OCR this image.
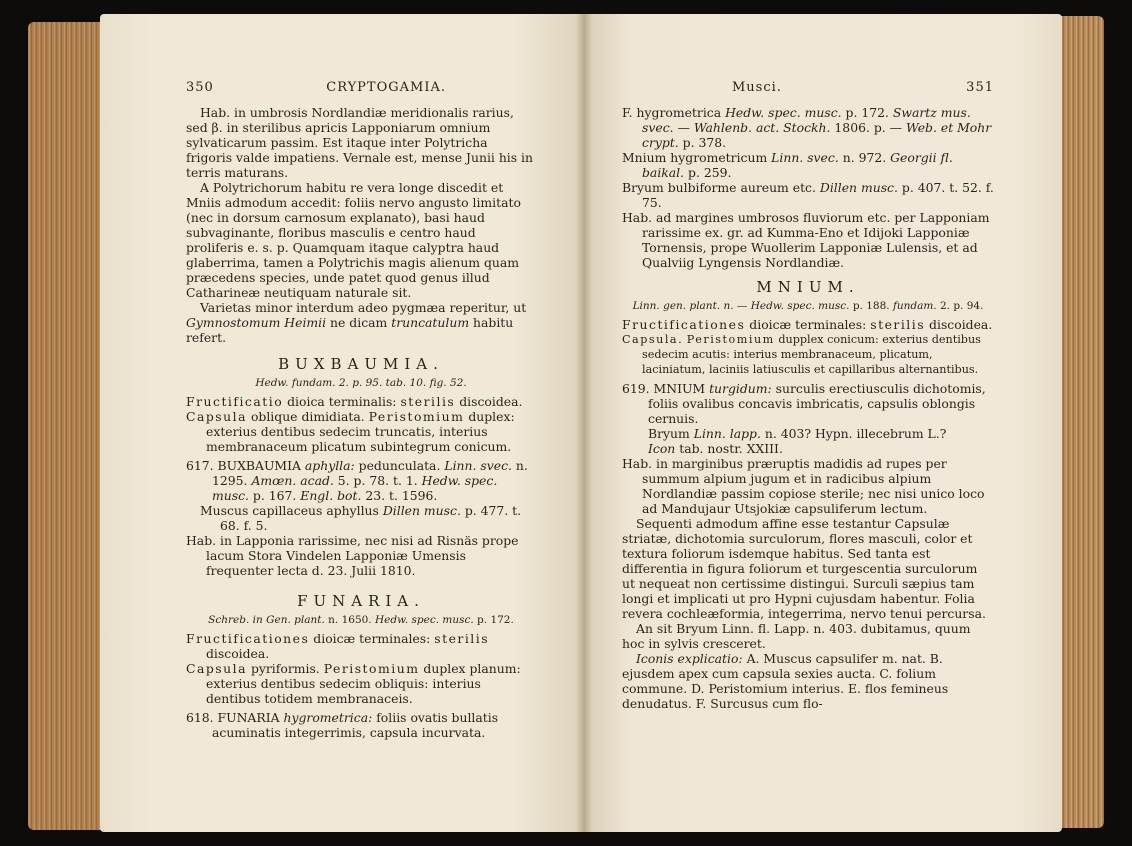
350	CRYPTOGAMIA.

Hab. in umbrosis Nordlandiæ meridionalis rarius, sed β. in sterilibus apricis Lapponiarum omnium sylvaticarum passim. Est itaque inter Polytricha frigoris valde impatiens. Vernale est, mense Junii his in terris maturans.

A Polytrichorum habitu re vera longe discedit et Mniis admodum accedit: foliis nervo angusto limitato (nec in dorsum carnosum explanato), basi haud subvaginante, floribus masculis e centro haud proliferis e. s. p. Quamquam itaque calyptra haud glaberrima, tamen a Polytrichis magis alienum quam præcedens species, unde patet quod genus illud Catharineæ neutiquam naturale sit.

Varietas minor interdum adeo pygmæa reperitur, ut Gymnostomum Heimii ne dicam truncatulum habitu refert.

BUXBAUMIA.
Hedw. fundam. 2. p. 95. tab. 10. fig. 52.

Fructificatio dioica terminalis: sterilis discoidea.

Capsula oblique dimidiata. Peristomium duplex: exterius dentibus sedecim truncatis, interius membranaceum plicatum subintegrum conicum.

617. BUXBAUMIA aphylla: pedunculata. Linn. svec. n. 1295. Amœn. acad. 5. p. 78. t. 1. Hedw. spec. musc. p. 167. Engl. bot. 23. t. 1596.

Muscus capillaceus aphyllus Dillen musc. p. 477. t. 68. f. 5.

Hab. in Lapponia rarissime, nec nisi ad Risnäs prope lacum Stora Vindelen Lapponiæ Umensis frequenter lecta d. 23. Julii 1810.

FUNARIA.
Schreb. in Gen. plant. n. 1650. Hedw. spec. musc. p. 172.

Fructificationes dioicæ terminales: sterilis discoidea.

Capsula pyriformis. Peristomium duplex planum: exterius dentibus sedecim obliquis: interius dentibus totidem membranaceis.

618. FUNARIA hygrometrica: foliis ovatis bullatis acuminatis integerrimis, capsula incurvata.

Musci.	351

F. hygrometrica Hedw. spec. musc. p. 172. Swartz mus. svec. — Wahlenb. act. Stockh. 1806. p. — Web. et Mohr crypt. p. 378.

Mnium hygrometricum Linn. svec. n. 972. Georgii fl. baikal. p. 259.

Bryum bulbiforme aureum etc. Dillen musc. p. 407. t. 52. f. 75.

Hab. ad margines umbrosos fluviorum etc. per Lapponiam rarissime ex. gr. ad Kumma-Eno et Idijoki Lapponiæ Tornensis, prope Wuollerim Lapponiæ Lulensis, et ad Qualviig Lyngensis Nordlandiæ.

MNIUM.
Linn. gen. plant. n. — Hedw. spec. musc. p. 188. fundam. 2. p. 94.

Fructificationes dioicæ terminales: sterilis discoidea.

Capsula. Peristomium dupplex conicum: exterius dentibus sedecim acutis: interius membranaceum, plicatum, laciniatum, laciniis latiusculis et capillaribus alternantibus.

619. MNIUM turgidum: surculis erectiusculis dichotomis, foliis ovalibus concavis imbricatis, capsulis oblongis cernuis.

Bryum Linn. lapp. n. 403? Hypn. illecebrum L.?

Icon tab. nostr. XXIII.

Hab. in marginibus præruptis madidis ad rupes per summum alpium jugum et in radicibus alpium Nordlandiæ passim copiose sterile; nec nisi unico loco ad Mandujaur Utsjokiæ capsuliferum lectum.

Sequenti admodum affine esse testantur Capsulæ striatæ, dichotomia surculorum, flores masculi, color et textura foliorum isdemque habitus. Sed tanta est differentia in figura foliorum et turgescentia surculorum ut nequeat non certissime distingui. Surculi sæpius tam longi et implicati ut pro Hypni cujusdam habentur. Folia revera cochleæformia, integerrima, nervo tenui percursa.

An sit Bryum Linn. fl. Lapp. n. 403. dubitamus, quum hoc in sylvis cresceret.

Iconis explicatio: A. Muscus capsulifer m. nat. B. ejusdem apex cum capsula sexies aucta. C. folium commune. D. Peristomium interius. E. flos femineus denudatus. F. Surcusus cum flo-
